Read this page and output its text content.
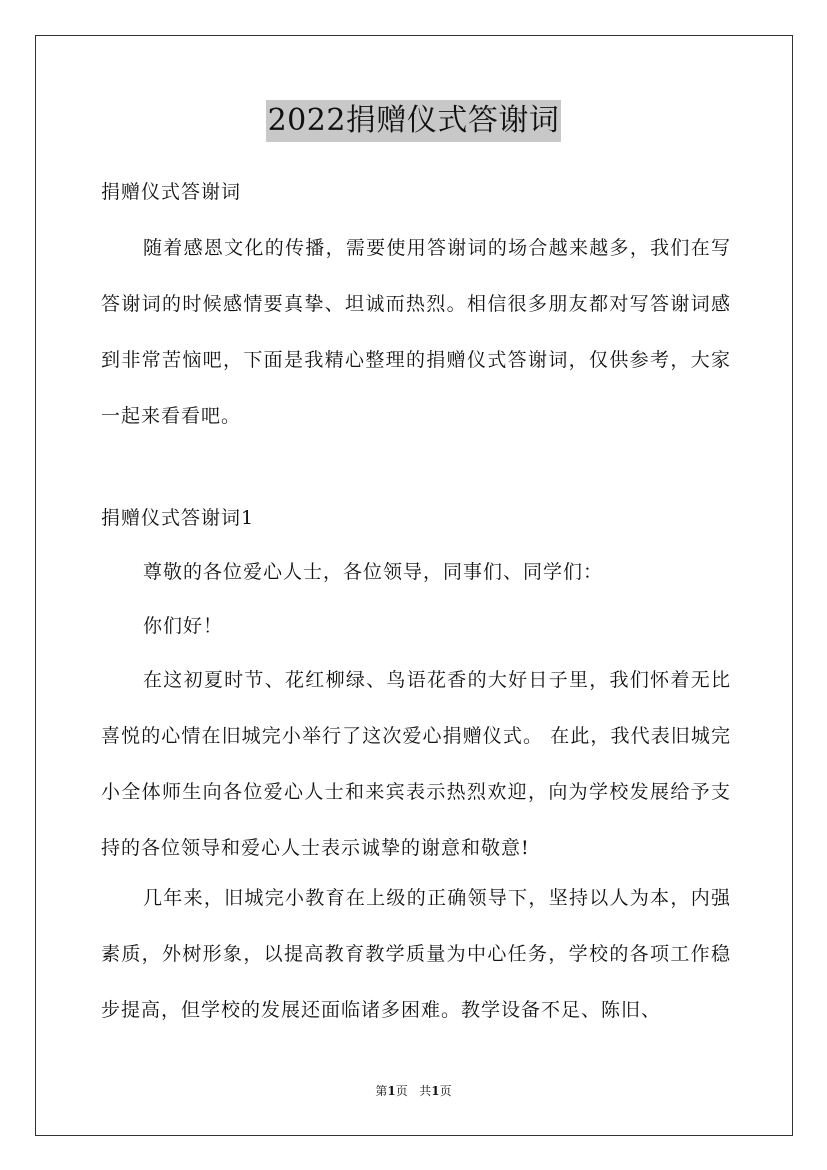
2022捐赠仪式答谢词

捐赠仪式答谢词

随着感恩文化的传播，需要使用答谢词的场合越来越多，我们在写答谢词的时候感情要真挚、坦诚而热烈。相信很多朋友都对写答谢词感到非常苦恼吧，下面是我精心整理的捐赠仪式答谢词，仅供参考，大家一起来看看吧。

捐赠仪式答谢词1

尊敬的各位爱心人士，各位领导，同事们、同学们：

你们好！

在这初夏时节、花红柳绿、鸟语花香的大好日子里，我们怀着无比喜悦的心情在旧城完小举行了这次爱心捐赠仪式。 在此，我代表旧城完小全体师生向各位爱心人士和来宾表示热烈欢迎，向为学校发展给予支持的各位领导和爱心人士表示诚挚的谢意和敬意!

几年来，旧城完小教育在上级的正确领导下，坚持以人为本，内强素质，外树形象，以提高教育教学质量为中心任务，学校的各项工作稳步提高，但学校的发展还面临诸多困难。教学设备不足、陈旧、

第1页   共1页
